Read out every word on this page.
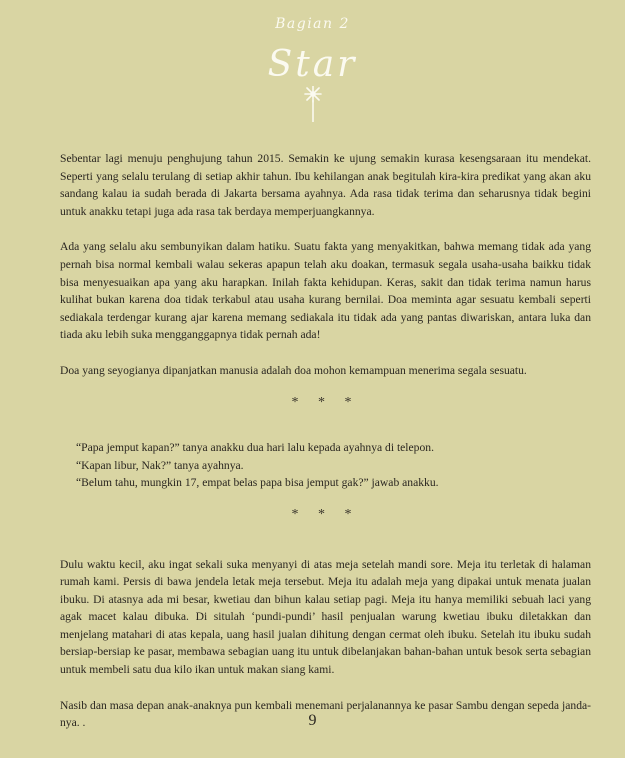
Bagian 2
Star

Sebentar lagi menuju penghujung tahun 2015. Semakin ke ujung semakin kurasa kesengsaraan itu mendekat. Seperti yang selalu terulang di setiap akhir tahun. Ibu kehilangan anak begitulah kira-kira predikat yang akan aku sandang kalau ia sudah berada di Jakarta bersama ayahnya. Ada rasa tidak terima dan seharusnya tidak begini untuk anakku tetapi juga ada rasa tak berdaya memperjuangkannya.

Ada yang selalu aku sembunyikan dalam hatiku. Suatu fakta yang menyakitkan, bahwa memang tidak ada yang pernah bisa normal kembali walau sekeras apapun telah aku doakan, termasuk segala usaha-usaha baikku tidak bisa menyesuaikan apa yang aku harapkan. Inilah fakta kehidupan. Keras, sakit dan tidak terima namun harus kulihat bukan karena doa tidak terkabul atau usaha kurang bernilai. Doa meminta agar sesuatu kembali seperti sediakala terdengar kurang ajar karena memang sediakala itu tidak ada yang pantas diwariskan, antara luka dan tiada aku lebih suka mengganggapnya tidak pernah ada!

Doa yang seyogianya dipanjatkan manusia adalah doa mohon kemampuan menerima segala sesuatu.

* * *

“Papa jemput kapan?” tanya anakku dua hari lalu kepada ayahnya di telepon.
“Kapan libur, Nak?” tanya ayahnya.
“Belum tahu, mungkin 17, empat belas papa bisa jemput gak?” jawab anakku.

* * *

Dulu waktu kecil, aku ingat sekali suka menyanyi di atas meja setelah mandi sore. Meja itu terletak di halaman rumah kami. Persis di bawa jendela letak meja tersebut. Meja itu adalah meja yang dipakai untuk menata jualan ibuku. Di atasnya ada mi besar, kwetiau dan bihun kalau setiap pagi. Meja itu hanya memiliki sebuah laci yang agak macet kalau dibuka. Di situlah ‘pundi-pundi’ hasil penjualan warung kwetiau ibuku diletakkan dan menjelang matahari di atas kepala, uang hasil jualan dihitung dengan cermat oleh ibuku. Setelah itu ibuku sudah bersiap-bersiap ke pasar, membawa sebagian uang itu untuk dibelanjakan bahan-bahan untuk besok serta sebagian untuk membeli satu dua kilo ikan untuk makan siang kami.

Nasib dan masa depan anak-anaknya pun kembali menemani perjalanannya ke pasar Sambu dengan sepeda janda-nya. .	9
